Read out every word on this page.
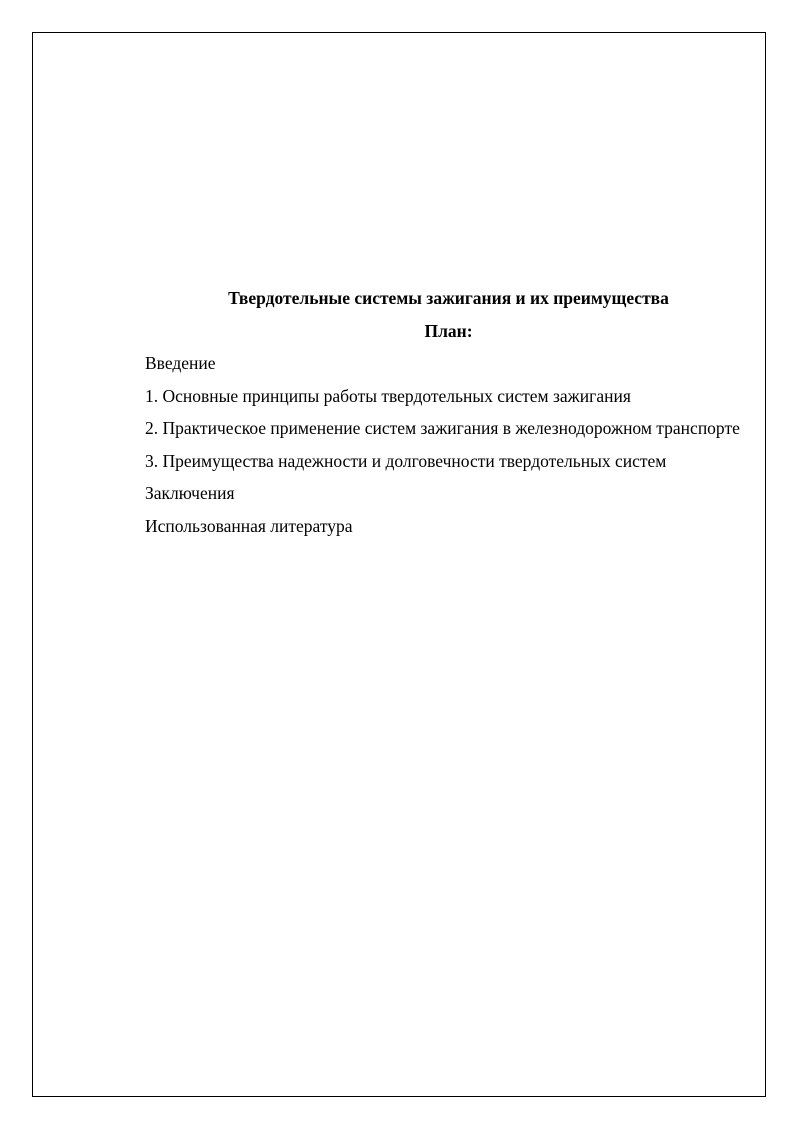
Твердотельные системы зажигания и их преимущества

План:

Введение

1. Основные принципы работы твердотельных систем зажигания

2. Практическое применение систем зажигания в железнодорожном транспорте

3. Преимущества надежности и долговечности твердотельных систем

Заключения

Использованная литература
